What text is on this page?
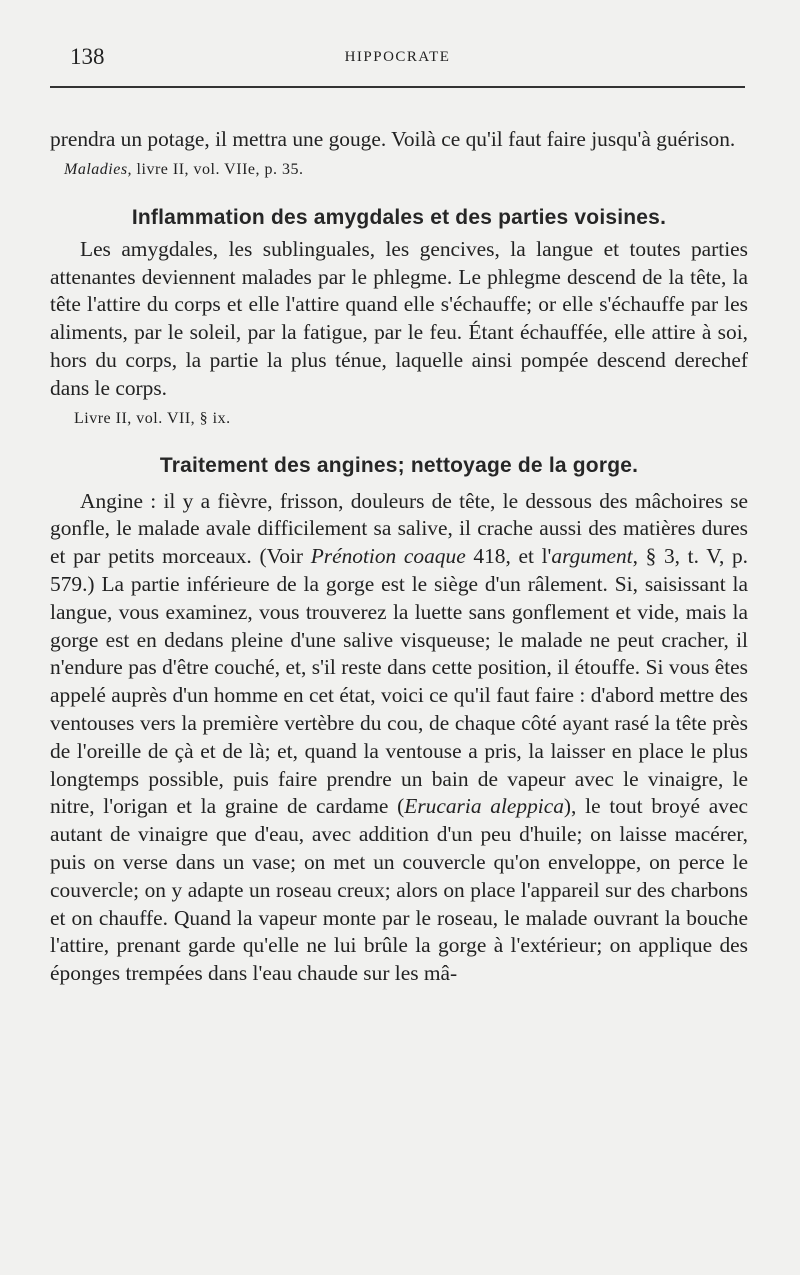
138	HIPPOCRATE

prendra un potage, il mettra une gouge. Voilà ce qu'il faut faire jusqu'à guérison.

Maladies, livre II, vol. VIIe, p. 35.
Inflammation des amygdales et des parties voisines.

Les amygdales, les sublinguales, les gencives, la langue et toutes parties attenantes deviennent malades par le phlegme. Le phlegme descend de la tête, la tête l'attire du corps et elle l'attire quand elle s'échauffe; or elle s'échauffe par les aliments, par le soleil, par la fatigue, par le feu. Étant échauffée, elle attire à soi, hors du corps, la partie la plus ténue, laquelle ainsi pompée descend derechef dans le corps.

Livre II, vol. VII, § ix.
Traitement des angines; nettoyage de la gorge.

Angine : il y a fièvre, frisson, douleurs de tête, le dessous des mâchoires se gonfle, le malade avale difficilement sa salive, il crache aussi des matières dures et par petits morceaux. (Voir Prénotion coaque 418, et l'argument, § 3, t. V, p. 579.) La partie inférieure de la gorge est le siège d'un râlement. Si, saisissant la langue, vous examinez, vous trouverez la luette sans gonflement et vide, mais la gorge est en dedans pleine d'une salive visqueuse; le malade ne peut cracher, il n'endure pas d'être couché, et, s'il reste dans cette position, il étouffe. Si vous êtes appelé auprès d'un homme en cet état, voici ce qu'il faut faire : d'abord mettre des ventouses vers la première vertèbre du cou, de chaque côté ayant rasé la tête près de l'oreille de çà et de là; et, quand la ventouse a pris, la laisser en place le plus longtemps possible, puis faire prendre un bain de vapeur avec le vinaigre, le nitre, l'origan et la graine de cardame (Erucaria aleppica), le tout broyé avec autant de vinaigre que d'eau, avec addition d'un peu d'huile; on laisse macérer, puis on verse dans un vase; on met un couvercle qu'on enveloppe, on perce le couvercle; on y adapte un roseau creux; alors on place l'appareil sur des charbons et on chauffe. Quand la vapeur monte par le roseau, le malade ouvrant la bouche l'attire, prenant garde qu'elle ne lui brûle la gorge à l'extérieur; on applique des éponges trempées dans l'eau chaude sur les mâ-
